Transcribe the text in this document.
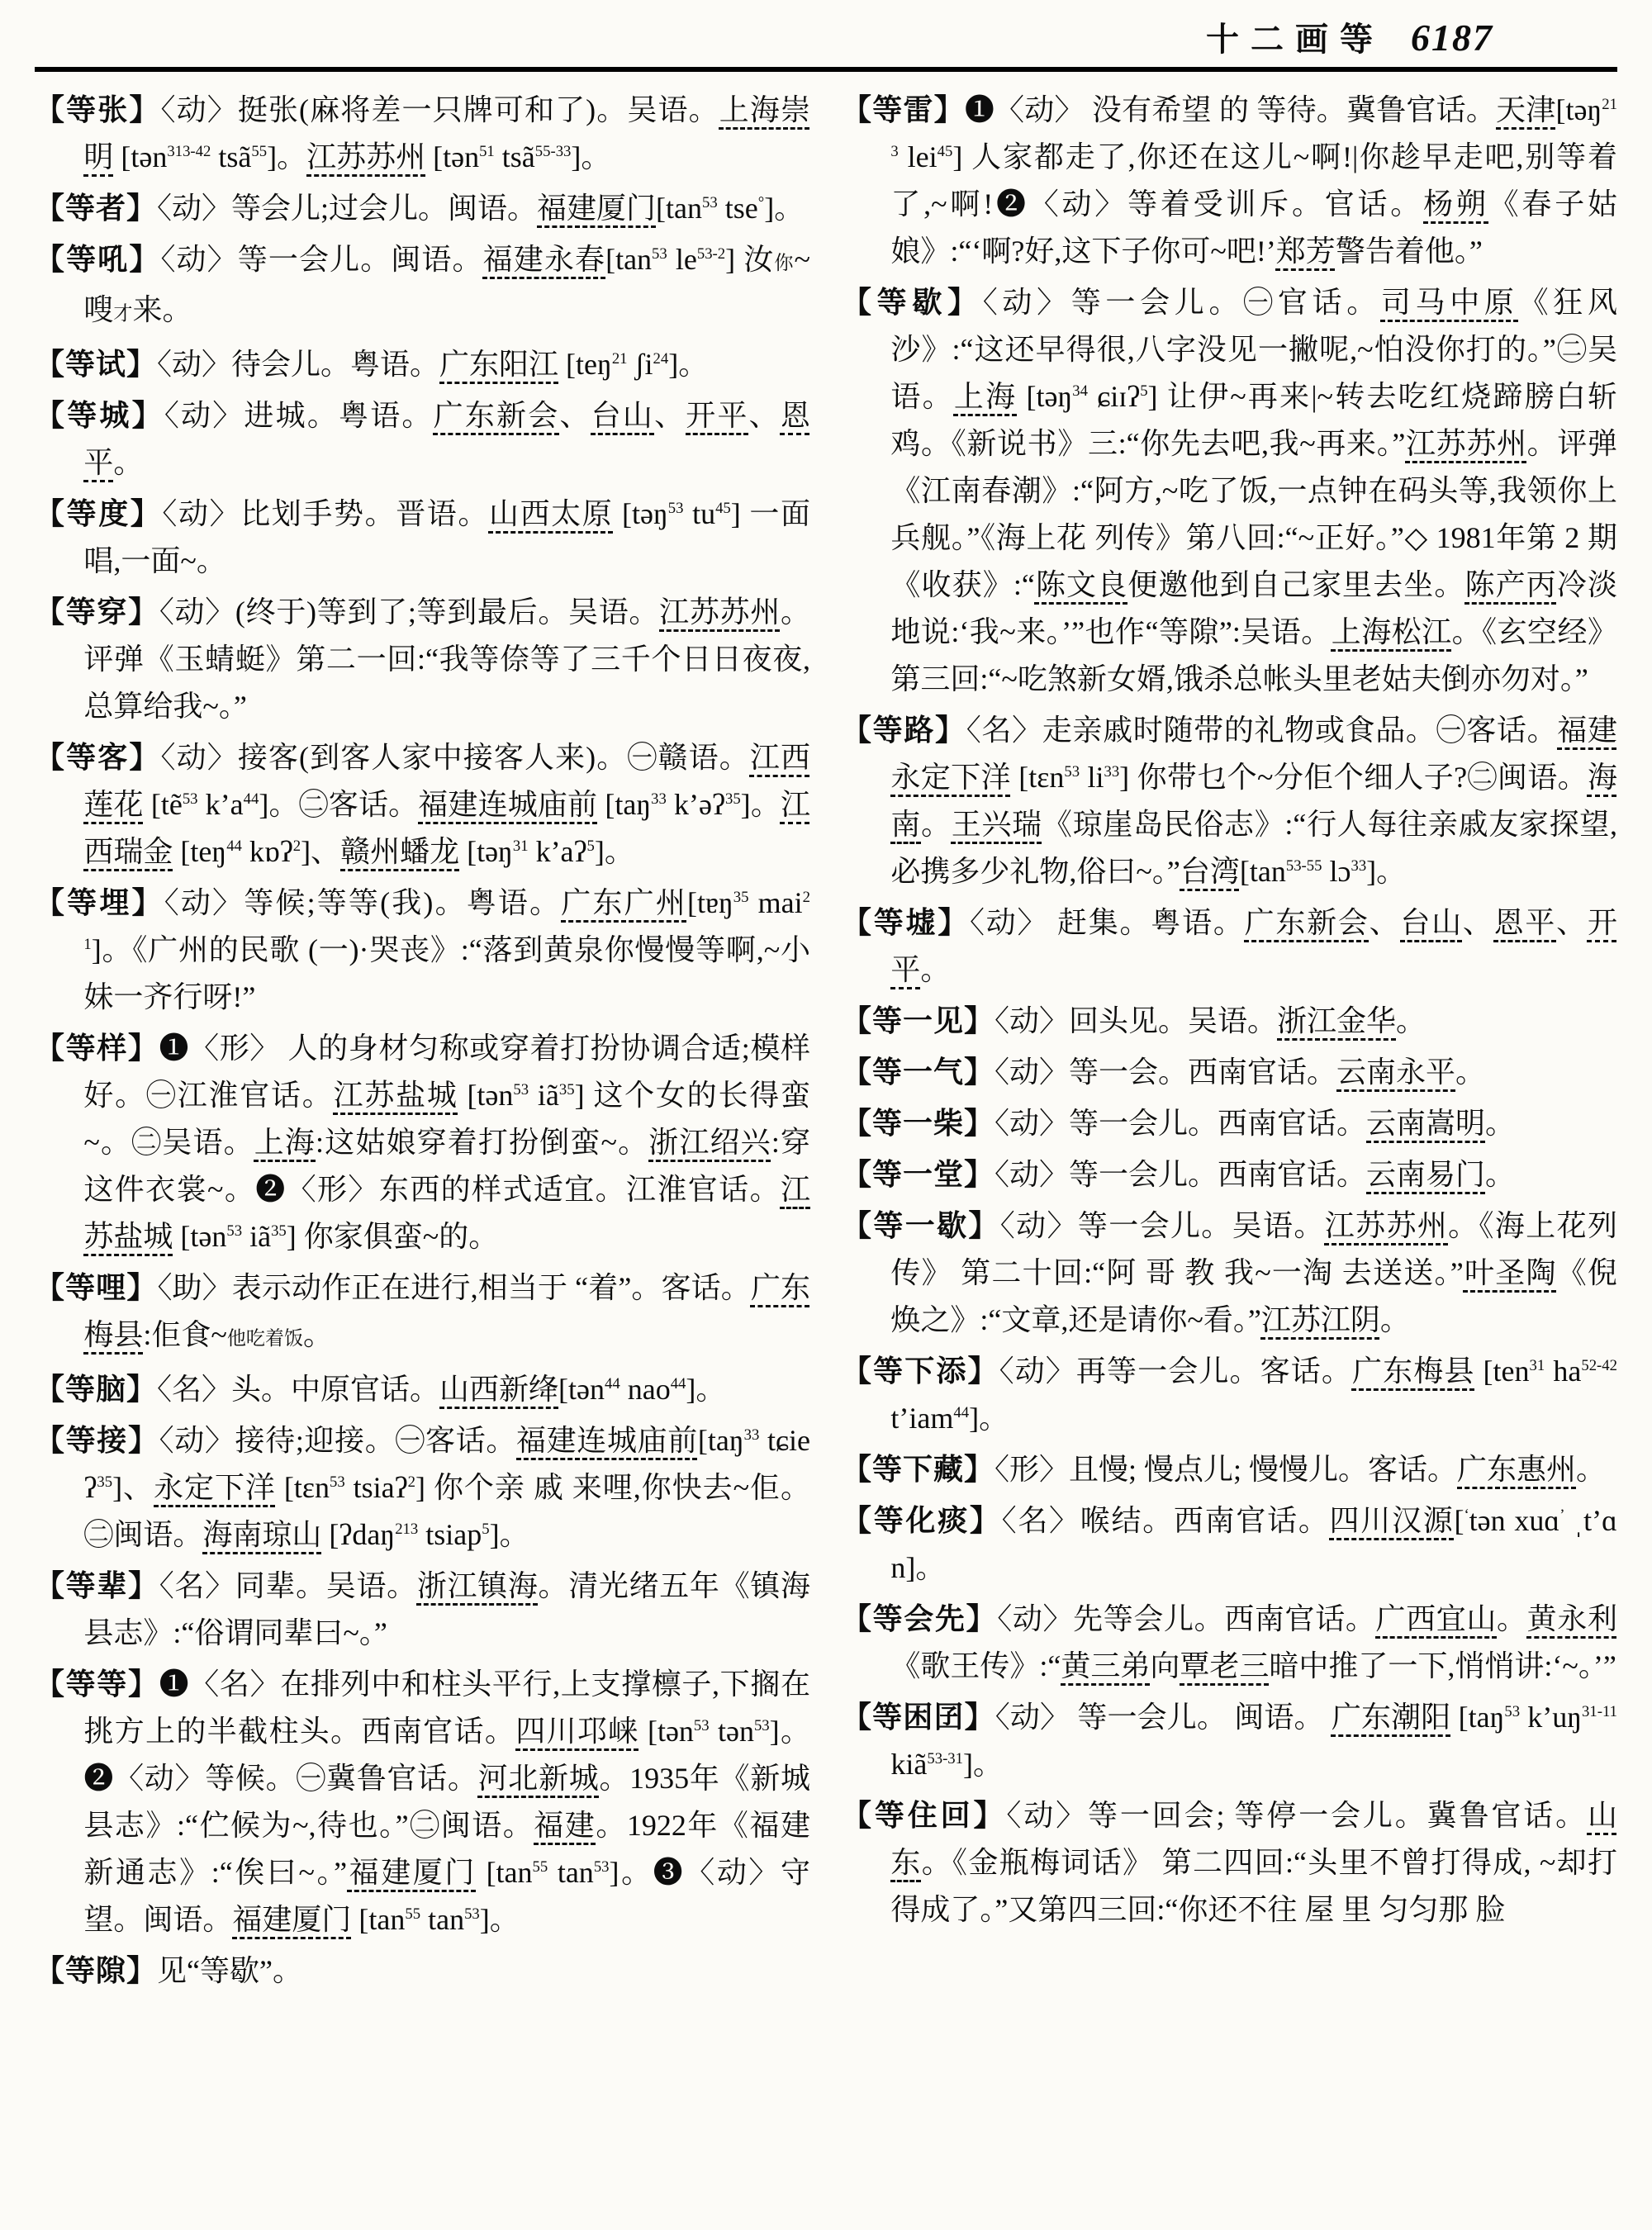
十二画等 6187
【等张】〈动〉挺张(麻将差一只牌可和了)。吴语。上海崇明 [tən$^{313-42}$ tsã$^{55}$]。江苏苏州 [tən$^{51}$ tsã$^{55-33}$]。
【等者】〈动〉等会儿;过会儿。闽语。福建厦门[$\tan^{53}$ tse°]。
【等吼】〈动〉等一会儿。闽语。福建永春[$\tan^{53}$ $le^{53-2}$] 汝你~嗖才来。
【等试】〈动〉待会儿。粤语。广东阳江 [teŋ$^{21}$ ʃi$^{24}$]。
【等城】〈动〉进城。粤语。广东新会、台山、开平、恩平。
【等度】〈动〉比划手势。晋语。山西太原 [təŋ$^{53}$ $tu^{45}$] 一面唱,一面~。
【等穿】〈动〉(终于)等到了;等到最后。吴语。江苏苏州。评弹《玉蜻蜓》第二一回:“我等倷等了三千个日日夜夜,总算给我~。”
【等客】〈动〉接客(到客人家中接客人来)。㊀赣语。江西莲花 [tẽ$^{53}$ $k’a^{44}$]。㊁客话。福建连城庙前 [taŋ$^{33}$ k’əʔ$^{35}$]。江西瑞金 [teŋ$^{44}$ kɒʔ$^2$]、赣州蟠龙 [təŋ$^{31}$ k’aʔ$^5$]。
【等埋】〈动〉等候;等等(我)。粤语。广东广州[tɐŋ$^{35}$ mai$^{21}$]。《广州的民歌 (一)·哭丧》:“落到黄泉你慢慢等啊,~小妹一齐行呀!”
【等样】❶〈形〉 人的身材匀称或穿着打扮协调合适;模样好。㊀江淮官话。江苏盐城 [tən$^{53}$ $iã^{35}$] 这个女的长得蛮~。㊁吴语。上海:这姑娘穿着打扮倒蛮~。浙江绍兴:穿这件衣裳~。❷〈形〉东西的样式适宜。江淮官话。江苏盐城 [tən$^{53}$ $iã^{35}$] 你家俱蛮~的。
【等哩】〈助〉表示动作正在进行,相当于 “着”。客话。广东梅县:佢食~他吃着饭。
【等脑】〈名〉头。中原官话。山西新绛[tən$^{44}$ nao$^{44}$]。
【等接】〈动〉接待;迎接。㊀客话。福建连城庙前[taŋ$^{33}$ tɕieʔ$^{35}$]、永定下洋 [tɛn$^{53}$ tsiaʔ$^2$] 你个亲 戚 来哩,你快去~佢。㊁闽语。海南琼山 [ʔdaŋ$^{213}$ tsiap$^5$]。
【等辈】〈名〉同辈。吴语。浙江镇海。清光绪五年《镇海县志》:“俗谓同辈曰~。”
【等等】❶〈名〉在排列中和柱头平行,上支撑檩子,下搁在挑方上的半截柱头。西南官话。四川邛崃 [tən$^{53}$ tən$^{53}$]。❷〈动〉等候。㊀冀鲁官话。河北新城。1935年《新城县志》:“伫候为~,待也。”㊁闽语。福建。1922年《福建新通志》:“俟曰~。”福建厦门 [$\tan^{55}$ $\tan^{53}$]。❸〈动〉守望。闽语。福建厦门 [$\tan^{55}$ $\tan^{53}$]。
【等隙】见“等歇”。
【等雷】❶〈动〉 没有希望 的 等待。冀鲁官话。天津[təŋ$^{213}$ lei$^{45}$] 人家都走了,你还在这儿~啊!|你趁早走吧,别等着了,~啊!❷〈动〉等着受训斥。官话。杨朔《春子姑娘》:“‘啊?好,这下子你可~吧!’郑芳警告着他。”
【等歇】〈动〉等一会儿。㊀官话。司马中原《狂风沙》:“这还早得很,八字没见一撇呢,~怕没你打的。”㊁吴语。上海 [təŋ$^{34}$ ɕiɪʔ$^5$] 让伊~再来|~转去吃红烧蹄膀白斩鸡。《新说书》三:“你先去吧,我~再来。”江苏苏州。评弹《江南春潮》:“阿方,~吃了饭,一点钟在码头等,我领你上兵舰。”《海上花 列传》第八回:“~正好。”◇ 1981年第 2 期 《收获》:“陈文良便邀他到自己家里去坐。陈产丙冷淡地说:‘我~来。’”也作“等隙”:吴语。上海松江。《玄空经》 第三回:“~吃煞新女婿,饿杀总帐头里老姑夫倒亦勿对。”
【等路】〈名〉走亲戚时随带的礼物或食品。㊀客话。福建永定下洋 [tɛn$^{53}$ $li^{33}$] 你带乜个~分佢个细人子?㊁闽语。海南。王兴瑞《琼崖岛民俗志》:“行人每往亲戚友家探望,必携多少礼物,俗曰~。”台湾[$\tan^{53-55}$ lɔ$^{33}$]。
【等墟】〈动〉 赶集。粤语。广东新会、台山、恩平、开平。
【等一见】〈动〉回头见。吴语。浙江金华。
【等一气】〈动〉等一会。西南官话。云南永平。
【等一柴】〈动〉等一会儿。西南官话。云南嵩明。
【等一堂】〈动〉等一会儿。西南官话。云南易门。
【等一歇】〈动〉等一会儿。吴语。江苏苏州。《海上花列传》 第二十回:“阿 哥 教 我~一淘 去送送。”叶圣陶《倪焕之》:“文章,还是请你~看。”江苏江阴。
【等下添】〈动〉再等一会儿。客话。广东梅县 [ten$^{31}$ $ha^{52-42}$ t’iam$^{44}$]。
【等下藏】〈形〉且慢; 慢点儿; 慢慢儿。客话。广东惠州。
【等化痰】〈名〉喉结。西南官话。四川汉源[$^ʻ$tən xuɑ$^ʼ$ ˌt’ɑn]。
【等会先】〈动〉先等会儿。西南官话。广西宜山。黄永利《歌王传》:“黄三弟向覃老三暗中推了一下,悄悄讲:‘~。’”
【等困囝】〈动〉 等一会儿。 闽语。 广东潮阳 [taŋ$^{53}$ $k’uŋ^{31-11}$ kiã$^{53-31}$]。
【等住回】〈动〉等一回会; 等停一会儿。冀鲁官话。山东。《金瓶梅词话》 第二四回:“头里不曾打得成, ~却打得成了。”又第四三回:“你还不往 屋 里 匀匀那 脸
